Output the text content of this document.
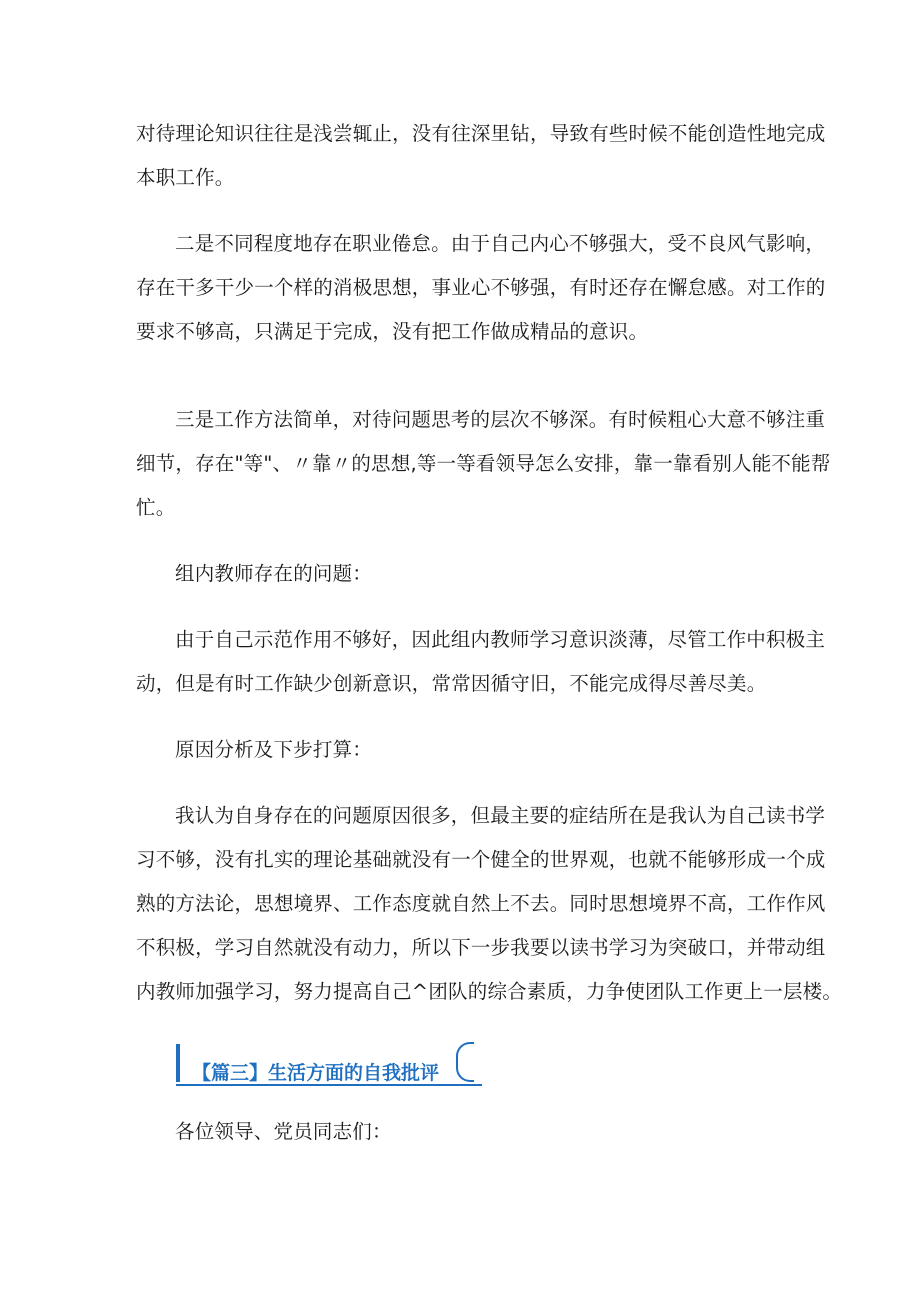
对待理论知识往往是浅尝辄止，没有往深里钻，导致有些时候不能创造性地完成
本职工作。
二是不同程度地存在职业倦怠。由于自己内心不够强大，受不良风气影响，
存在干多干少一个样的消极思想，事业心不够强，有时还存在懈怠感。对工作的
要求不够高，只满足于完成，没有把工作做成精品的意识。
三是工作方法简单，对待问题思考的层次不够深。有时候粗心大意不够注重
细节，存在"等"、〃靠〃的思想,等一等看领导怎么安排，靠一靠看别人能不能帮
忙。
组内教师存在的问题：
由于自己示范作用不够好，因此组内教师学习意识淡薄，尽管工作中积极主
动，但是有时工作缺少创新意识，常常因循守旧，不能完成得尽善尽美。
原因分析及下步打算：
我认为自身存在的问题原因很多，但最主要的症结所在是我认为自己读书学
习不够，没有扎实的理论基础就没有一个健全的世界观，也就不能够形成一个成
熟的方法论，思想境界、工作态度就自然上不去。同时思想境界不高，工作作风
不积极，学习自然就没有动力，所以下一步我要以读书学习为突破口，并带动组
内教师加强学习，努力提高自己^团队的综合素质，力争使团队工作更上一层楼。
【篇三】生活方面的自我批评
各位领导、党员同志们：
